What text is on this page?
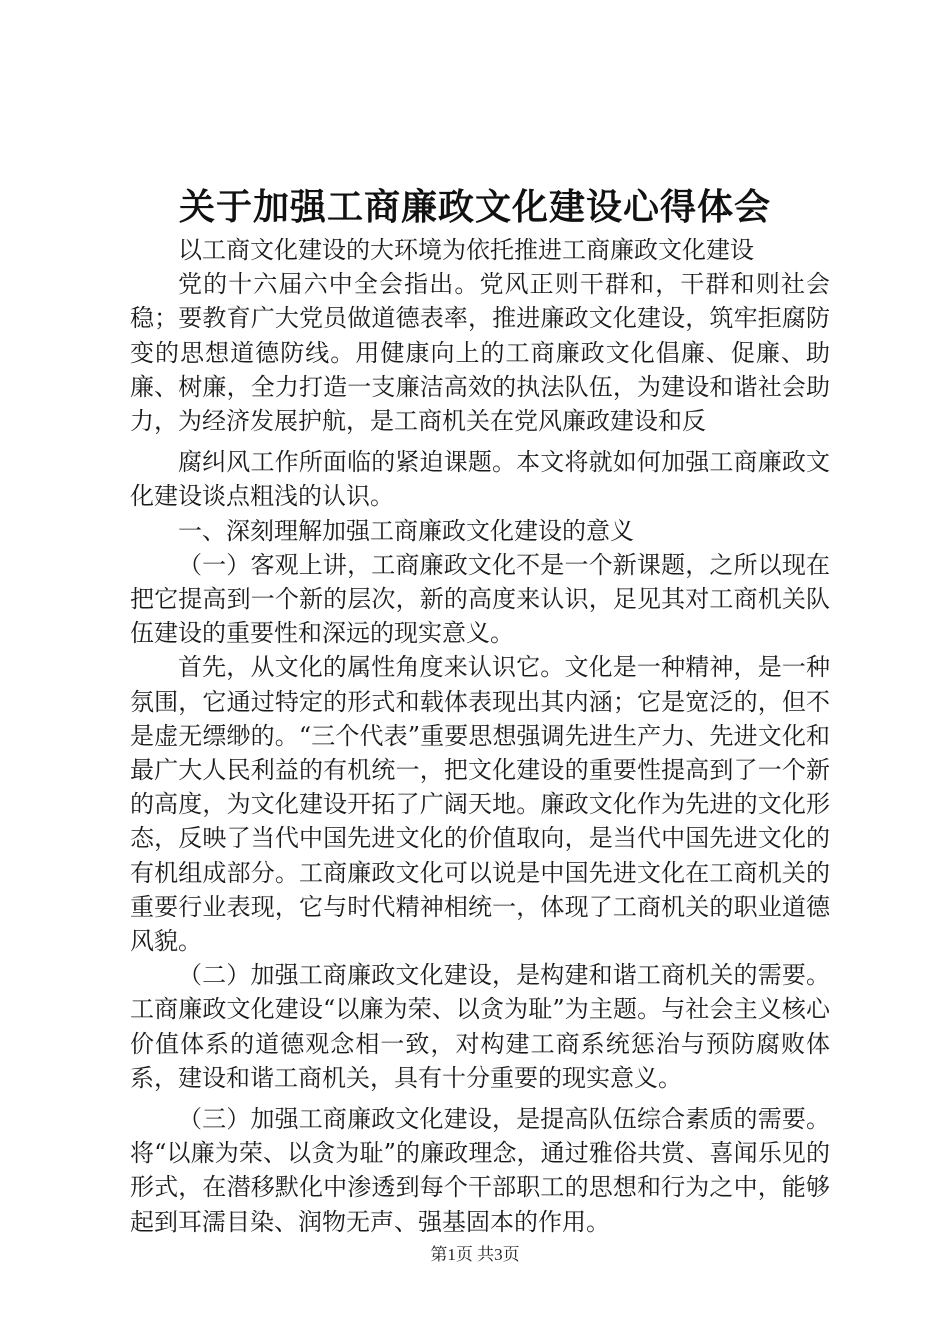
关于加强工商廉政文化建设心得体会

以工商文化建设的大环境为依托推进工商廉政文化建设

党的十六届六中全会指出。党风正则干群和，干群和则社会稳；要教育广大党员做道德表率，推进廉政文化建设，筑牢拒腐防变的思想道德防线。用健康向上的工商廉政文化倡廉、促廉、助廉、树廉，全力打造一支廉洁高效的执法队伍，为建设和谐社会助力，为经济发展护航，是工商机关在党风廉政建设和反

腐纠风工作所面临的紧迫课题。本文将就如何加强工商廉政文化建设谈点粗浅的认识。

一、深刻理解加强工商廉政文化建设的意义

（一）客观上讲，工商廉政文化不是一个新课题，之所以现在把它提高到一个新的层次，新的高度来认识，足见其对工商机关队伍建设的重要性和深远的现实意义。

首先，从文化的属性角度来认识它。文化是一种精神，是一种氛围，它通过特定的形式和载体表现出其内涵；它是宽泛的，但不是虚无缥缈的。“三个代表”重要思想强调先进生产力、先进文化和最广大人民利益的有机统一，把文化建设的重要性提高到了一个新的高度，为文化建设开拓了广阔天地。廉政文化作为先进的文化形态，反映了当代中国先进文化的价值取向，是当代中国先进文化的有机组成部分。工商廉政文化可以说是中国先进文化在工商机关的重要行业表现，它与时代精神相统一，体现了工商机关的职业道德风貌。

（二）加强工商廉政文化建设，是构建和谐工商机关的需要。工商廉政文化建设“以廉为荣、以贪为耻”为主题。与社会主义核心价值体系的道德观念相一致，对构建工商系统惩治与预防腐败体系，建设和谐工商机关，具有十分重要的现实意义。

（三）加强工商廉政文化建设，是提高队伍综合素质的需要。将“以廉为荣、以贪为耻”的廉政理念，通过雅俗共赏、喜闻乐见的形式，在潜移默化中渗透到每个干部职工的思想和行为之中，能够起到耳濡目染、润物无声、强基固本的作用。

第1页 共3页
